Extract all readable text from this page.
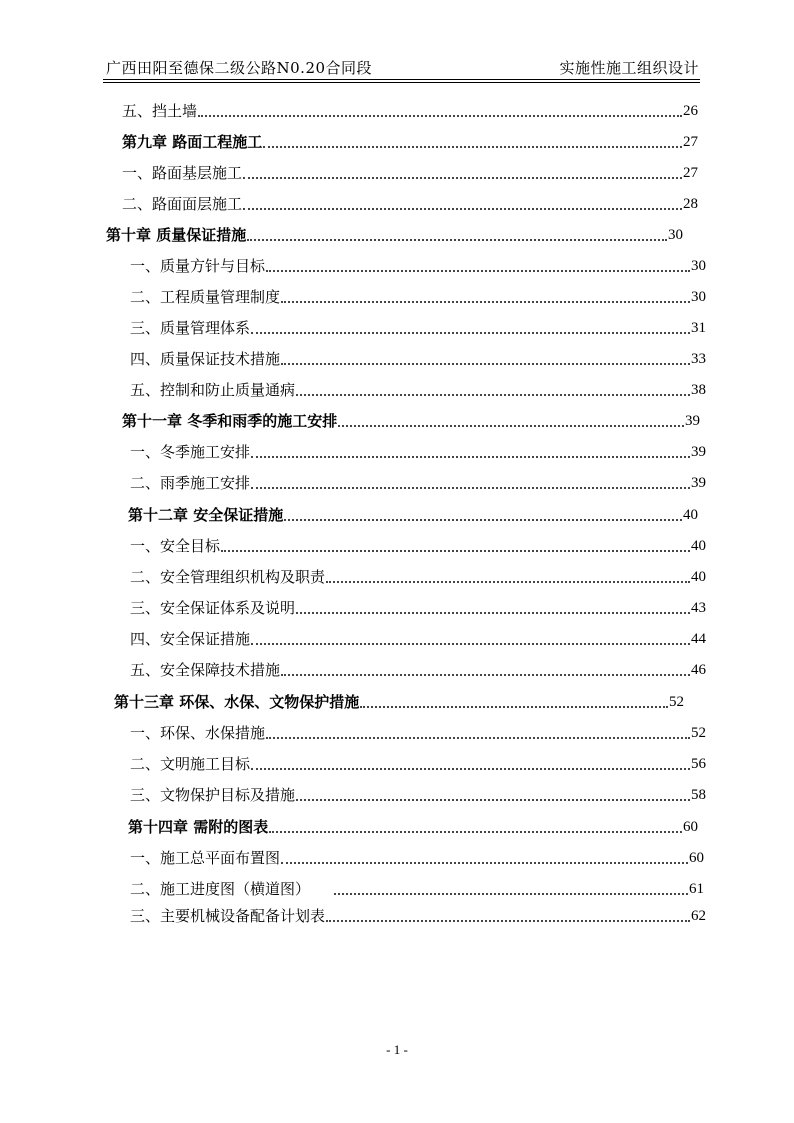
广西田阳至德保二级公路N0.20合同段	实施性施工组织设计
五、挡土墙	26
第九章 路面工程施工	27
一、路面基层施工	27
二、路面面层施工	28
第十章 质量保证措施	30
一、质量方针与目标	30
二、工程质量管理制度	30
三、质量管理体系	31
四、质量保证技术措施	33
五、控制和防止质量通病	38
第十一章 冬季和雨季的施工安排	39
一、冬季施工安排	39
二、雨季施工安排	39
第十二章 安全保证措施	40
一、安全目标	40
二、安全管理组织机构及职责	40
三、安全保证体系及说明	43
四、安全保证措施	44
五、安全保障技术措施	46
第十三章 环保、水保、文物保护措施	52
一、环保、水保措施	52
二、文明施工目标	56
三、文物保护目标及措施	58
第十四章 需附的图表	60
一、施工总平面布置图	60
二、施工进度图（横道图）	61
三、主要机械设备配备计划表	62
- 1 -
